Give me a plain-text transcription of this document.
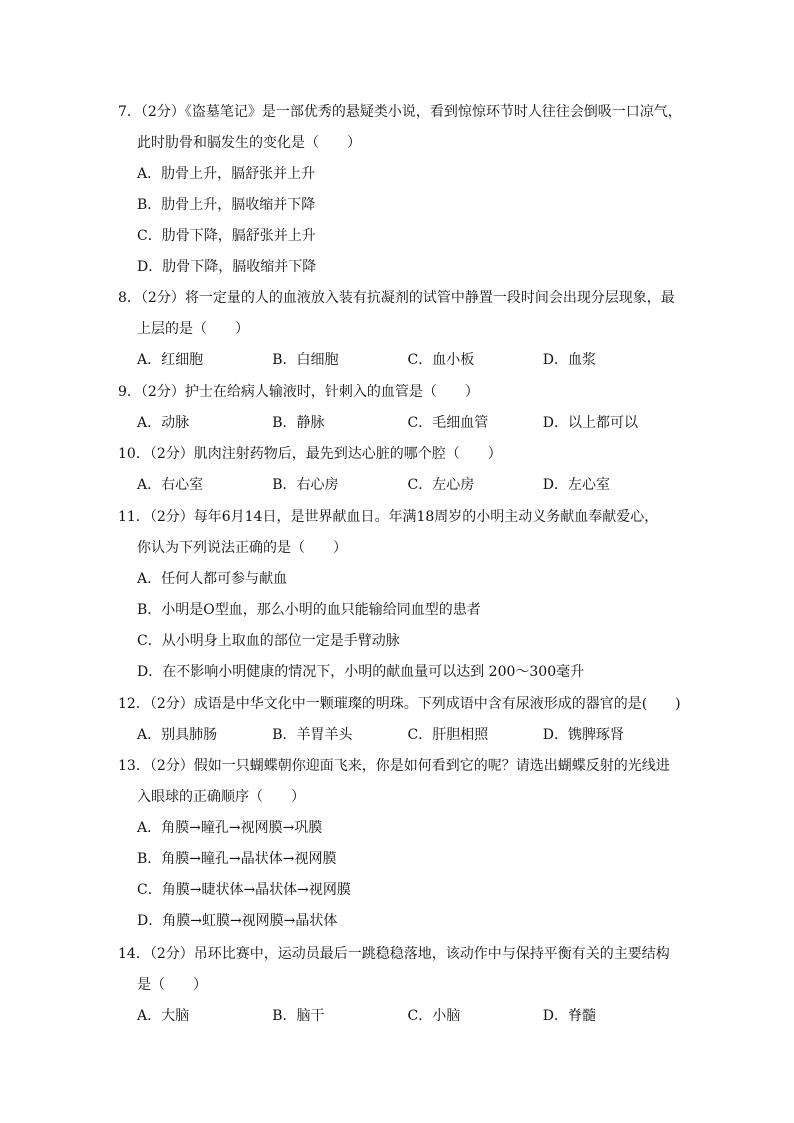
7．（2分）《盗墓笔记》是一部优秀的悬疑类小说，看到惊惊环节时人往往会倒吸一口凉气，
此时肋骨和膈发生的变化是（　　）
A．肋骨上升，膈舒张并上升
B．肋骨上升，膈收缩并下降
C．肋骨下降，膈舒张并上升
D．肋骨下降，膈收缩并下降
8．（2分）将一定量的人的血液放入装有抗凝剂的试管中静置一段时间会出现分层现象，最
上层的是（　　）
A．红细胞	B．白细胞	C．血小板	D．血浆
9．（2分）护士在给病人输液时，针刺入的血管是（　　）
A．动脉	B．静脉	C．毛细血管	D．以上都可以
10．（2分）肌肉注射药物后，最先到达心脏的哪个腔（　　）
A．右心室	B．右心房	C．左心房	D．左心室
11．（2分）每年6月14日，是世界献血日。年满18周岁的小明主动义务献血奉献爱心，
你认为下列说法正确的是（　　）
A．任何人都可参与献血
B．小明是O型血，那么小明的血只能输给同血型的患者
C．从小明身上取血的部位一定是手臂动脉
D．在不影响小明健康的情况下，小明的献血量可以达到 200～300毫升
12．（2分）成语是中华文化中一颗璀璨的明珠。下列成语中含有尿液形成的器官的是(　　)
A．别具肺肠	B．羊胃羊头	C．肝胆相照	D．镌脾琢肾
13．（2分）假如一只蝴蝶朝你迎面飞来，你是如何看到它的呢？请选出蝴蝶反射的光线进
入眼球的正确顺序（　　）
A．角膜→瞳孔→视网膜→巩膜
B．角膜→瞳孔→晶状体→视网膜
C．角膜→睫状体→晶状体→视网膜
D．角膜→虹膜→视网膜→晶状体
14．（2分）吊环比赛中，运动员最后一跳稳稳落地，该动作中与保持平衡有关的主要结构
是（　　）
A．大脑	B．脑干	C．小脑	D．脊髓
